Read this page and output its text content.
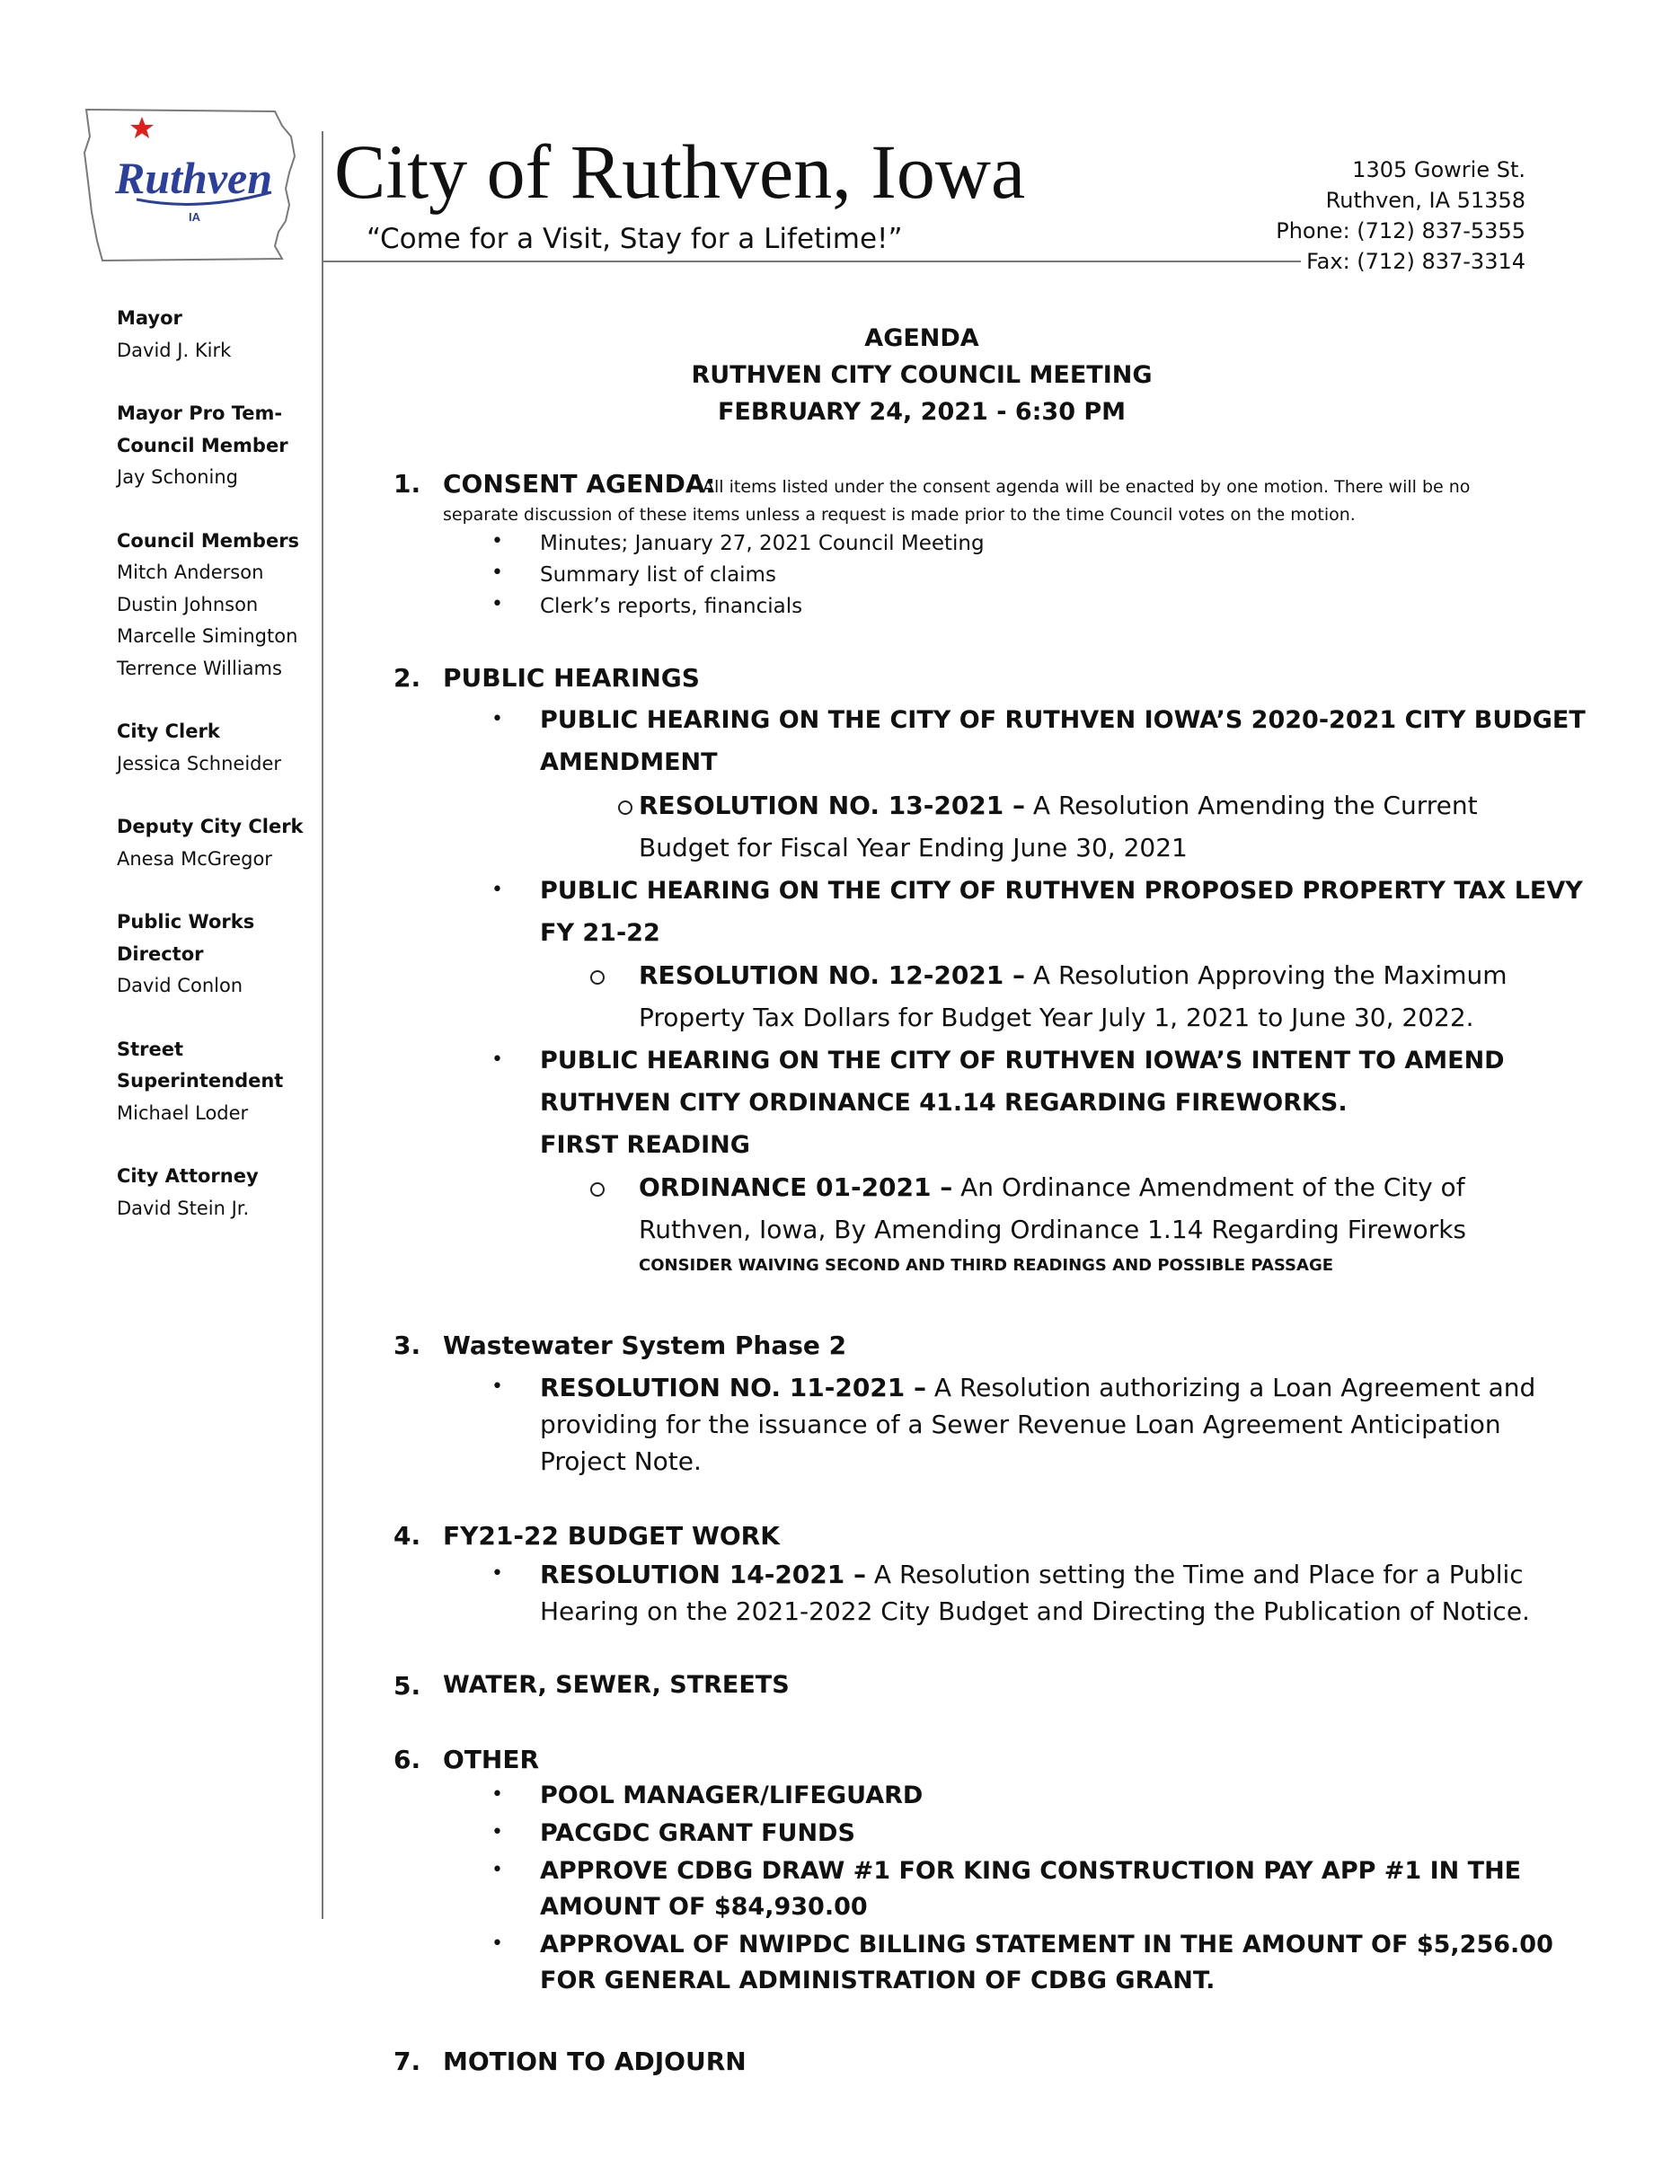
Ruthven
IA
City of Ruthven, Iowa
“Come for a Visit, Stay for a Lifetime!”
1305 Gowrie St.
Ruthven, IA 51358
Phone: (712) 837-5355
Fax: (712) 837-3314
Mayor
David J. Kirk
Mayor Pro Tem-
Council Member
Jay Schoning
Council Members
Mitch Anderson
Dustin Johnson
Marcelle Simington
Terrence Williams
City Clerk
Jessica Schneider
Deputy City Clerk
Anesa McGregor
Public Works
Director
David Conlon
Street
Superintendent
Michael Loder
City Attorney
David Stein Jr.
AGENDA
RUTHVEN CITY COUNCIL MEETING
FEBRUARY 24, 2021 - 6:30 PM
1. CONSENT AGENDA:
All items listed under the consent agenda will be enacted by one motion. There will be no
separate discussion of these items unless a request is made prior to the time Council votes on the motion.
• Minutes; January 27, 2021 Council Meeting
• Summary list of claims
• Clerk’s reports, financials
2. PUBLIC HEARINGS
• PUBLIC HEARING ON THE CITY OF RUTHVEN IOWA’S 2020-2021 CITY BUDGET
AMENDMENT
RESOLUTION NO. 13-2021 – A Resolution Amending the Current
Budget for Fiscal Year Ending June 30, 2021
• PUBLIC HEARING ON THE CITY OF RUTHVEN PROPOSED PROPERTY TAX LEVY
FY 21-22
RESOLUTION NO. 12-2021 – A Resolution Approving the Maximum
Property Tax Dollars for Budget Year July 1, 2021 to June 30, 2022.
• PUBLIC HEARING ON THE CITY OF RUTHVEN IOWA’S INTENT TO AMEND
RUTHVEN CITY ORDINANCE 41.14 REGARDING FIREWORKS.
FIRST READING
ORDINANCE 01-2021 – An Ordinance Amendment of the City of
Ruthven, Iowa, By Amending Ordinance 1.14 Regarding Fireworks
CONSIDER WAIVING SECOND AND THIRD READINGS AND POSSIBLE PASSAGE
3. Wastewater System Phase 2
• RESOLUTION NO. 11-2021 – A Resolution authorizing a Loan Agreement and
providing for the issuance of a Sewer Revenue Loan Agreement Anticipation
Project Note.
4. FY21-22 BUDGET WORK
• RESOLUTION 14-2021 – A Resolution setting the Time and Place for a Public
Hearing on the 2021-2022 City Budget and Directing the Publication of Notice.
5. WATER, SEWER, STREETS
6. OTHER
• POOL MANAGER/LIFEGUARD
• PACGDC GRANT FUNDS
• APPROVE CDBG DRAW #1 FOR KING CONSTRUCTION PAY APP #1 IN THE
AMOUNT OF $84,930.00
• APPROVAL OF NWIPDC BILLING STATEMENT IN THE AMOUNT OF $5,256.00
FOR GENERAL ADMINISTRATION OF CDBG GRANT.
7. MOTION TO ADJOURN
